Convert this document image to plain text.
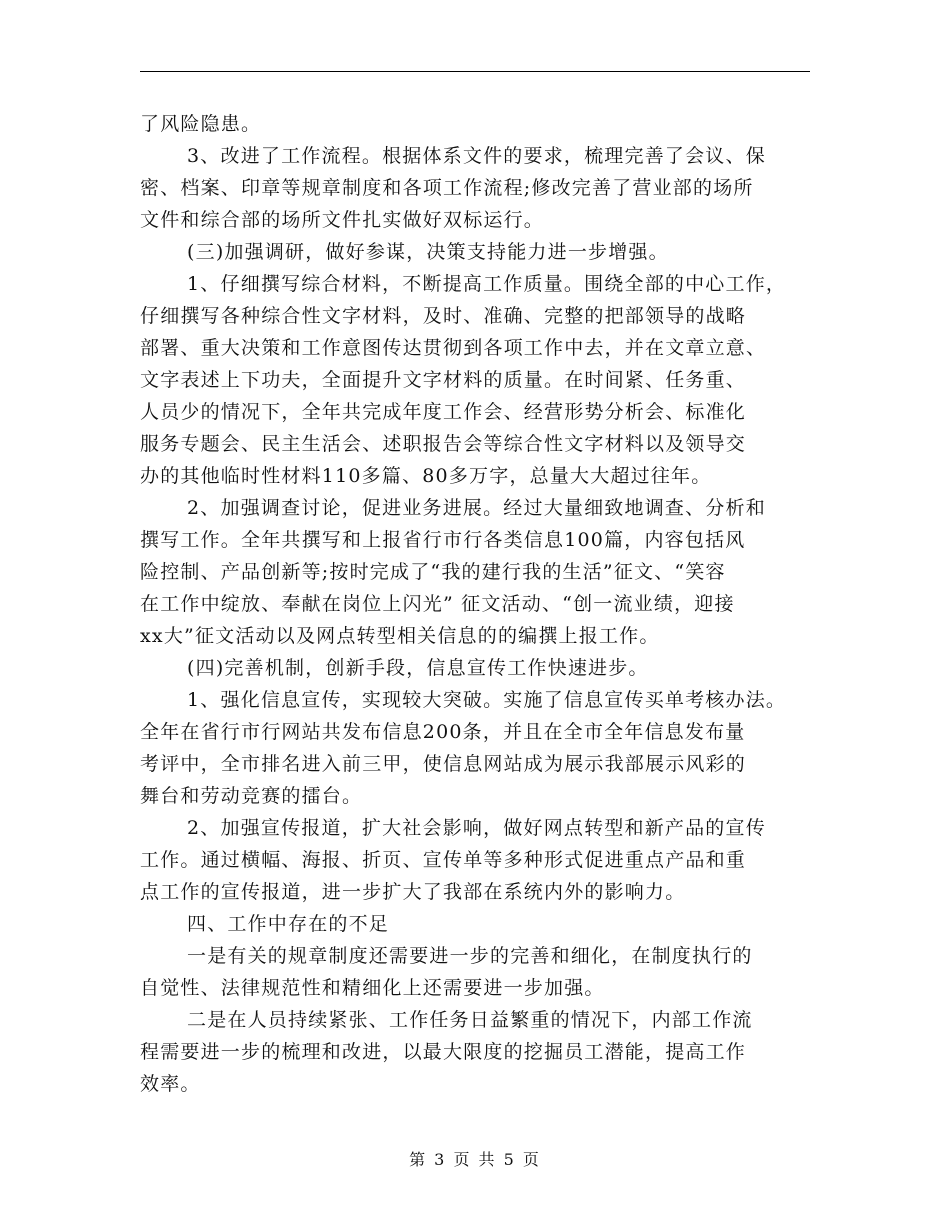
了风险隐患。
3、改进了工作流程。根据体系文件的要求，梳理完善了会议、保
密、档案、印章等规章制度和各项工作流程;修改完善了营业部的场所
文件和综合部的场所文件扎实做好双标运行。
(三)加强调研，做好参谋，决策支持能力进一步增强。
1、仔细撰写综合材料，不断提高工作质量。围绕全部的中心工作，
仔细撰写各种综合性文字材料，及时、准确、完整的把部领导的战略
部署、重大决策和工作意图传达贯彻到各项工作中去，并在文章立意、
文字表述上下功夫，全面提升文字材料的质量。在时间紧、任务重、
人员少的情况下，全年共完成年度工作会、经营形势分析会、标准化
服务专题会、民主生活会、述职报告会等综合性文字材料以及领导交
办的其他临时性材料110多篇、80多万字，总量大大超过往年。
2、加强调查讨论，促进业务进展。经过大量细致地调查、分析和
撰写工作。全年共撰写和上报省行市行各类信息100篇，内容包括风
险控制、产品创新等;按时完成了“我的建行我的生活”征文、“笑容
在工作中绽放、奉献在岗位上闪光” 征文活动、“创一流业绩，迎接
xx大”征文活动以及网点转型相关信息的的编撰上报工作。
(四)完善机制，创新手段，信息宣传工作快速进步。
1、强化信息宣传，实现较大突破。实施了信息宣传买单考核办法。
全年在省行市行网站共发布信息200条，并且在全市全年信息发布量
考评中，全市排名进入前三甲，使信息网站成为展示我部展示风彩的
舞台和劳动竞赛的擂台。
2、加强宣传报道，扩大社会影响，做好网点转型和新产品的宣传
工作。通过横幅、海报、折页、宣传单等多种形式促进重点产品和重
点工作的宣传报道，进一步扩大了我部在系统内外的影响力。
四、工作中存在的不足
一是有关的规章制度还需要进一步的完善和细化，在制度执行的
自觉性、法律规范性和精细化上还需要进一步加强。
二是在人员持续紧张、工作任务日益繁重的情况下，内部工作流
程需要进一步的梳理和改进，以最大限度的挖掘员工潜能，提高工作
效率。
第 3 页 共 5 页
